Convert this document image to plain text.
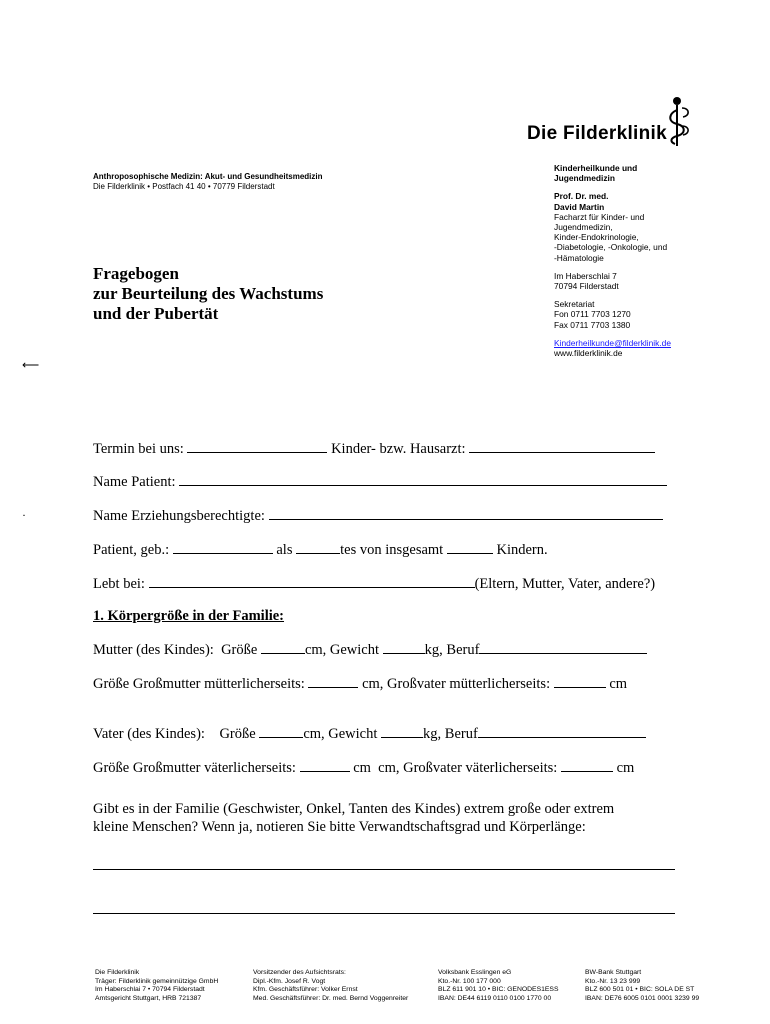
Die Filderklinik
Anthroposophische Medizin: Akut- und Gesundheitsmedizin
Die Filderklinik • Postfach 41 40 • 70779 Filderstadt
Kinderheilkunde und
Jugendmedizin
Prof. Dr. med.
David Martin
Facharzt für Kinder- und
Jugendmedizin,
Kinder-Endokrinologie,
-Diabetologie, -Onkologie, und
-Hämatologie
Im Haberschlai 7
70794 Filderstadt
Sekretariat
Fon 0711 7703 1270
Fax 0711 7703 1380
Kinderheilkunde@filderklinik.de
www.filderklinik.de
Fragebogen
zur Beurteilung des Wachstums
und der Pubertät
⟵
·
Termin bei uns:	Kinder- bzw. Hausarzt:
Name Patient:
Name Erziehungsberechtigte:
Patient, geb.:	als	tes von insgesamt	Kindern.
Lebt bei:	(Eltern, Mutter, Vater, andere?)
1. Körpergröße in der Familie:
Mutter (des Kindes): Größe	cm, Gewicht	kg, Beruf
Größe Großmutter mütterlicherseits:	cm, Großvater mütterlicherseits:	cm
Vater (des Kindes): Größe	cm, Gewicht	kg, Beruf
Größe Großmutter väterlicherseits:	cm cm, Großvater väterlicherseits:	cm
Gibt es in der Familie (Geschwister, Onkel, Tanten des Kindes) extrem große oder extrem
kleine Menschen? Wenn ja, notieren Sie bitte Verwandtschaftsgrad und Körperlänge:
Die Filderklinik
Träger: Filderklinik gemeinnützige GmbH
Im Haberschlai 7 • 70794 Filderstadt
Amtsgericht Stuttgart, HRB 721387
Vorsitzender des Aufsichtsrats:
Dipl.-Kfm. Josef R. Vogt
Kfm. Geschäftsführer: Volker Ernst
Med. Geschäftsführer: Dr. med. Bernd Voggenreiter
Volksbank Esslingen eG
Kto.-Nr. 100 177 000
BLZ 611 901 10 • BIC: GENODES1ESS
IBAN: DE44 6119 0110 0100 1770 00
BW-Bank Stuttgart
Kto.-Nr. 13 23 999
BLZ 600 501 01 • BIC: SOLA DE ST
IBAN: DE76 6005 0101 0001 3239 99
